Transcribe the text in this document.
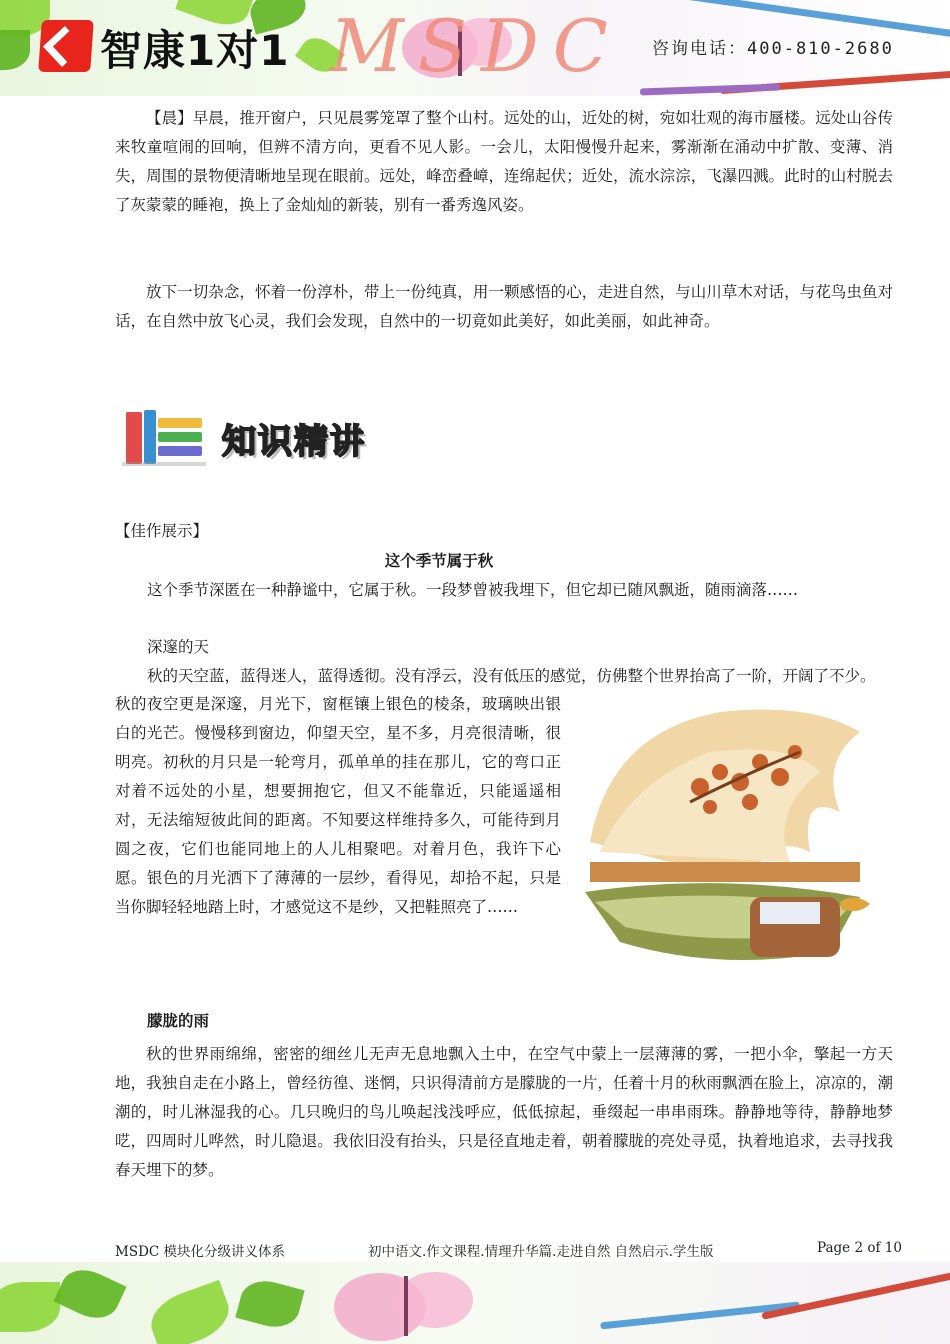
智康1对1 MSDC 咨询电话：400-810-2680

【晨】早晨，推开窗户，只见晨雾笼罩了整个山村。远处的山，近处的树，宛如壮观的海市蜃楼。远处山谷传来牧童喧闹的回响，但辨不清方向，更看不见人影。一会儿，太阳慢慢升起来，雾渐渐在涌动中扩散、变薄、消失，周围的景物便清晰地呈现在眼前。远处，峰峦叠嶂，连绵起伏；近处，流水淙淙，飞瀑四溅。此时的山村脱去了灰蒙蒙的睡袍，换上了金灿灿的新装，别有一番秀逸风姿。

放下一切杂念，怀着一份淳朴，带上一份纯真，用一颗感悟的心，走进自然，与山川草木对话，与花鸟虫鱼对话，在自然中放飞心灵，我们会发现，自然中的一切竟如此美好，如此美丽，如此神奇。

知识精讲
【佳作展示】
这个季节属于秋
这个季节深匿在一种静谧中，它属于秋。一段梦曾被我埋下，但它却已随风飘逝，随雨滴落……
深邃的天
秋的天空蓝，蓝得迷人，蓝得透彻。没有浮云，没有低压的感觉，仿佛整个世界抬高了一阶，开阔了不少。

秋的夜空更是深邃，月光下，窗框镶上银色的棱条，玻璃映出银白的光芒。慢慢移到窗边，仰望天空，星不多，月亮很清晰，很明亮。初秋的月只是一轮弯月，孤单单的挂在那儿，它的弯口正对着不远处的小星，想要拥抱它，但又不能靠近，只能遥遥相对，无法缩短彼此间的距离。不知要这样维持多久，可能待到月圆之夜，它们也能同地上的人儿相聚吧。对着月色，我许下心愿。银色的月光洒下了薄薄的一层纱，看得见，却拾不起，只是当你脚轻轻地踏上时，才感觉这不是纱，又把鞋照亮了……

朦胧的雨

秋的世界雨绵绵，密密的细丝儿无声无息地飘入土中，在空气中蒙上一层薄薄的雾，一把小伞，擎起一方天地，我独自走在小路上，曾经彷徨、迷惘，只识得清前方是朦胧的一片，任着十月的秋雨飘洒在脸上，凉凉的，潮潮的，时儿淋湿我的心。几只晚归的鸟儿唤起浅浅呼应，低低掠起，垂缀起一串串雨珠。静静地等待，静静地梦呓，四周时儿哗然，时儿隐退。我依旧没有抬头，只是径直地走着，朝着朦胧的亮处寻觅，执着地追求，去寻找我春天埋下的梦。

MSDC 模块化分级讲义体系	初中语文.作文课程.情理升华篇.走进自然 自然启示.学生版	Page 2 of 10
